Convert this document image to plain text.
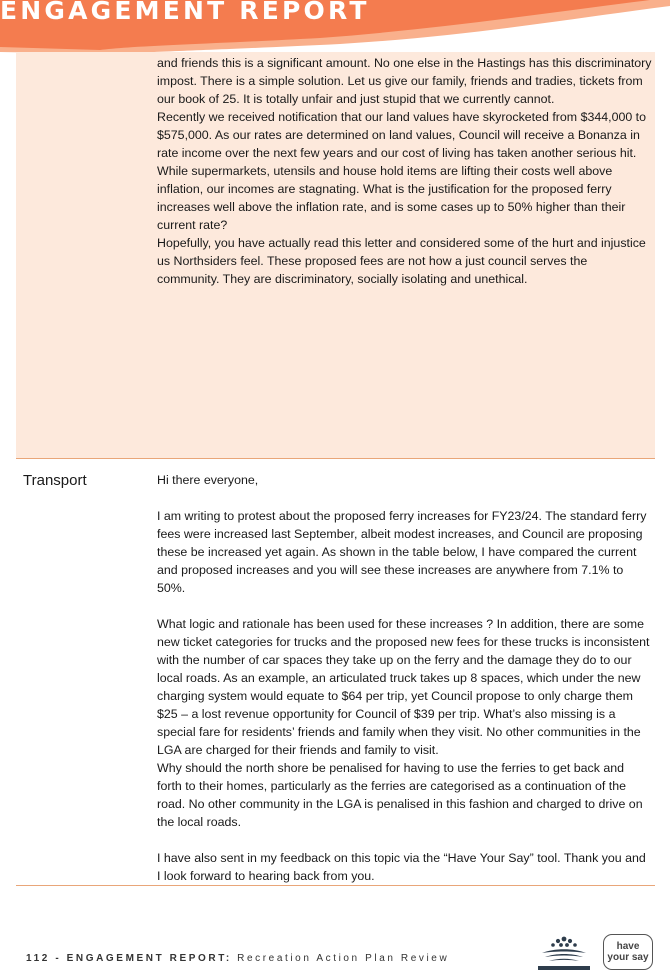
ENGAGEMENT REPORT

and friends this is a significant amount. No one else in the Hastings has this discriminatory impost. There is a simple solution. Let us give our family, friends and tradies, tickets from our book of 25. It is totally unfair and just stupid that we currently cannot.

Recently we received notification that our land values have skyrocketed from $344,000 to $575,000. As our rates are determined on land values, Council will receive a Bonanza in rate income over the next few years and our cost of living has taken another serious hit. While supermarkets, utensils and house hold items are lifting their costs well above inflation, our incomes are stagnating. What is the justification for the proposed ferry increases well above the inflation rate, and is some cases up to 50% higher than their current rate?

Hopefully, you have actually read this letter and considered some of the hurt and injustice us Northsiders feel. These proposed fees are not how a just council serves the community. They are discriminatory, socially isolating and unethical.

Transport	Hi there everyone,

I am writing to protest about the proposed ferry increases for FY23/24. The standard ferry fees were increased last September, albeit modest increases, and Council are proposing these be increased yet again. As shown in the table below, I have compared the current and proposed increases and you will see these increases are anywhere from 7.1% to 50%.

What logic and rationale has been used for these increases ? In addition, there are some new ticket categories for trucks and the proposed new fees for these trucks is inconsistent with the number of car spaces they take up on the ferry and the damage they do to our local roads. As an example, an articulated truck takes up 8 spaces, which under the new charging system would equate to $64 per trip, yet Council propose to only charge them $25 – a lost revenue opportunity for Council of $39 per trip. What’s also missing is a special fare for residents’ friends and family when they visit. No other communities in the LGA are charged for their friends and family to visit.

Why should the north shore be penalised for having to use the ferries to get back and forth to their homes, particularly as the ferries are categorised as a continuation of the road. No other community in the LGA is penalised in this fashion and charged to drive on the local roads.

I have also sent in my feedback on this topic via the “Have Your Say” tool. Thank you and I look forward to hearing back from you.

112 - ENGAGEMENT REPORT: Recreation Action Plan Review
have
your say
